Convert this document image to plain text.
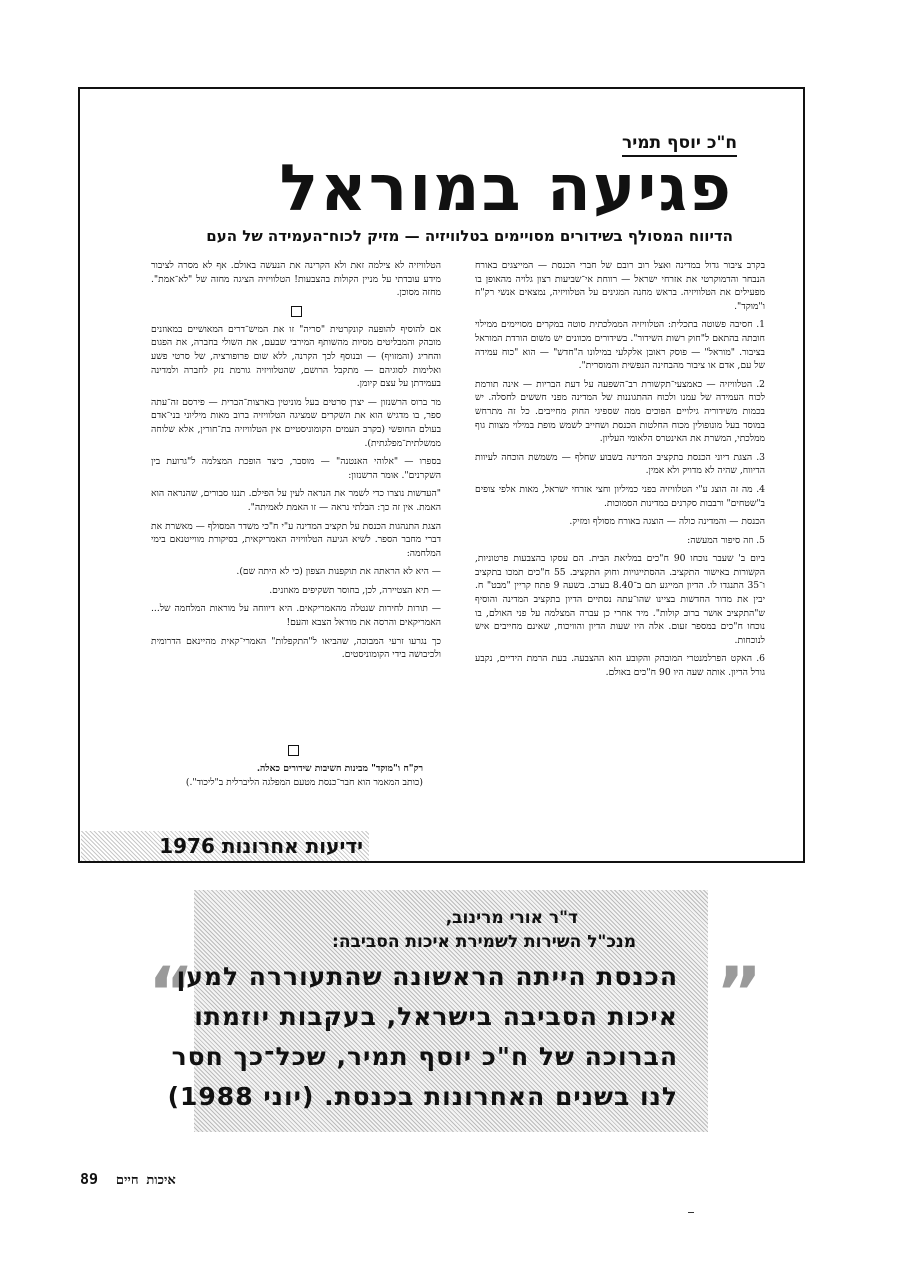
ח"כ יוסף תמיר
פגיעה במוראל
הדיווח המסולף בשידורים מסויימים בטלוויזיה — מזיק לכוח־העמידה של העם

בקרב ציבור גדול במדינה ואצל רוב רובם של חברי הכנסת — המייצגים באורח הנבחר והדמוקרטי את אזרחי ישראל — רווחת אי־שביעות רצון גלויה מהאופן בו מפעילים את הטלוויזיה. בראש מחנה המגינים על הטלוויזיה, נמצאים אנשי רק"ח ו"מוקד".

1. חסיבה פשוטה בתכלית: הטלוויזיה הממלכתית סוטה במקרים מסויימים ממילוי חובתה בהתאם ל"חוק רשות השידור". בשידורים מכוונים יש משום הורדת המוראל בציבור. "מוראל" — פוסק ראובן אלקלעי במילונו ה"חדש" — הוא "כוח עמידה של עם, אדם או ציבור מהבחינה הנפשית והמוסרית".

2. הטלוויזיה — כאמצעי־תקשורת רב־השפעה על דעת הבריות — אינה תורמת לכוח העמידה של עמנו ולכוח ההתגוננות של המדינה מפני חששים לחסלה. יש בכמות משידוריה גילויים הפוכים ממה שספיגי החוק מחייבים. כל זה מתרחש במוסד בעל מונופולין מכוח החלטות הכנסת ושחייב לשמש מופת במילוי מצוות גוף ממלכתי, המשרת את האינטרס הלאומי העליון.

3. הצגת דיוני הכנסת בתקציב המדינה בשבוע שחלף — משמשת הוכחה לעיוות הדיווח, שהיה לא מדויק ולא אמין.

4. מה זה הוצג ע"י הטלוויזיה בפני כמיליון וחצי אזרחי ישראל, מאות אלפי צופים ב"שטחים" ורבבות סקרנים במדינות הסמוכות.

הכנסת — והמדינה כולה — הוצגה באורח מסולף ומזיק.

5. וזה סיפור המעשה:

ביום ב' שעבר נוכחו 90 ח"כים במליאת הבית. הם עסקו בהצבעות פרטוניות, הקשורות באישור התקציב. ההסתייגויות וחוק התקציב. 55 ח"כים תמכו בתקציב ו־35 התנגדו לו. הדיון המייגע תם ב־8.40 בערב. בשעה 9 פתח קריין "מבט" ח. יבין את מדור החדשות בציינו שהו־עתה נסתיים הדיון בתקציב המדינה והוסיף ש"התקציב אושר ברוב קולות". מיד אחרי כן עברה המצלמה על פני האולם, בו נוכחו ח"כים במספר זעום. אלה היו שעות הדיון והוויכוח, שאינם מחייבים איש לנוכחות.

6. האקט הפרלמנטרי המובהק והקובע הוא ההצבעה. בעת הרמת הידיים, נקבע גורל הדיון. אותה שעה היו 90 ח"כים באולם.

הטלוויזיה לא צילמה זאת ולא הקרינה את הנעשה באולם. אף לא מסרה לציבור מידע עובדתי על מניין הקולות בהצבעות! הטלוויזיה הציגה מחזה של "לא־אמת". מחזה מסוכן.

אם להוסיף להופעה קונקרטית "סריה" זו את המיש־דרים המאושיים במאוזנים מובהק והמבליטים מסיות מהשותף המירבי שבעם, את השולי בחברה, את הפגום והחריג (והמזויף) — ובנוסף לכך הקרנה, ללא שום פרופורציה, של סרטי פשע ואלימות לסוגיהם — מתקבל הרושם, שהטלוויזיה גורמת נזק לחברה ולמדינה בעמידתן על עצם קיומן.

מר ברוס הרשנזון — יצרן סרטים בעל מוניטין בארצות־הברית — פירסם זה־עתה ספר, בו מדגיש הוא את השקרים שמציגה הטלוויזיה ברוב מאות מיליוני בני־אדם בעולם החופשי (בקרב העמים הקומוניסטיים אין הטלוויזיה בת־חורין, אלא שלוחה ממשלתית־מפלגתית).

בספרו — "אלוהי האנטנה" — מוסבר, כיצד הופכת המצלמה ל"גרועת בין השקרנים". אומר הרשנזון:

"העדשות נוצרו כדי לשמר את הנראה לעין על הפילם. תננו סבורים, שהנראה הוא האמת. אין זה כך: הבלתי נראה — זו האמת לאמיתה".

הצגת התנהגות הכנסת על תקציב המדינה ע"י ח"כי משדר המסולף — מאשרת את דברי מחבר הספר. לשיא הגיעה הטלוויזיה האמריקאית, בסיקורת מווייטנאם בימי המלחמה:

— היא לא הראתה את תוקפנות הצפון (כי לא היתה שם).

— תיא הצטיירה, לכן, בחוסר תשקיפים מאוזנים.

— תורות לחירות שנטלה מהאמריקאים. היא דיווחה על מוראות המלחמה של... האמריקאים והרסה את מוראל הצבא והעם!

כך נגרעו זרעי המבוכה, שהביאו ל"התקפלות" האמרי־קאית מהיינאם הדרומית ולכיבושה בידי הקומוניסטים.

רק"ח ו"מוקד" מבינות חשיבות שידורים כאלה.
(כותב המאמר הוא חבר־כנסת מטעם המפלגה הליברלית ב"ליכוד".)
ידיעות אחרונות 1976
“	”
ד"ר אורי מרינוב,
מנכ"ל השירות לשמירת איכות הסביבה:
הכנסת הייתה הראשונה שהתעוררה למען
איכות הסביבה בישראל, בעקבות יוזמתו
הברוכה של ח"כ יוסף תמיר, שכל־כך חסר
לנו בשנים האחרונות בכנסת. (יוני 1988)
89 איכות חיים
